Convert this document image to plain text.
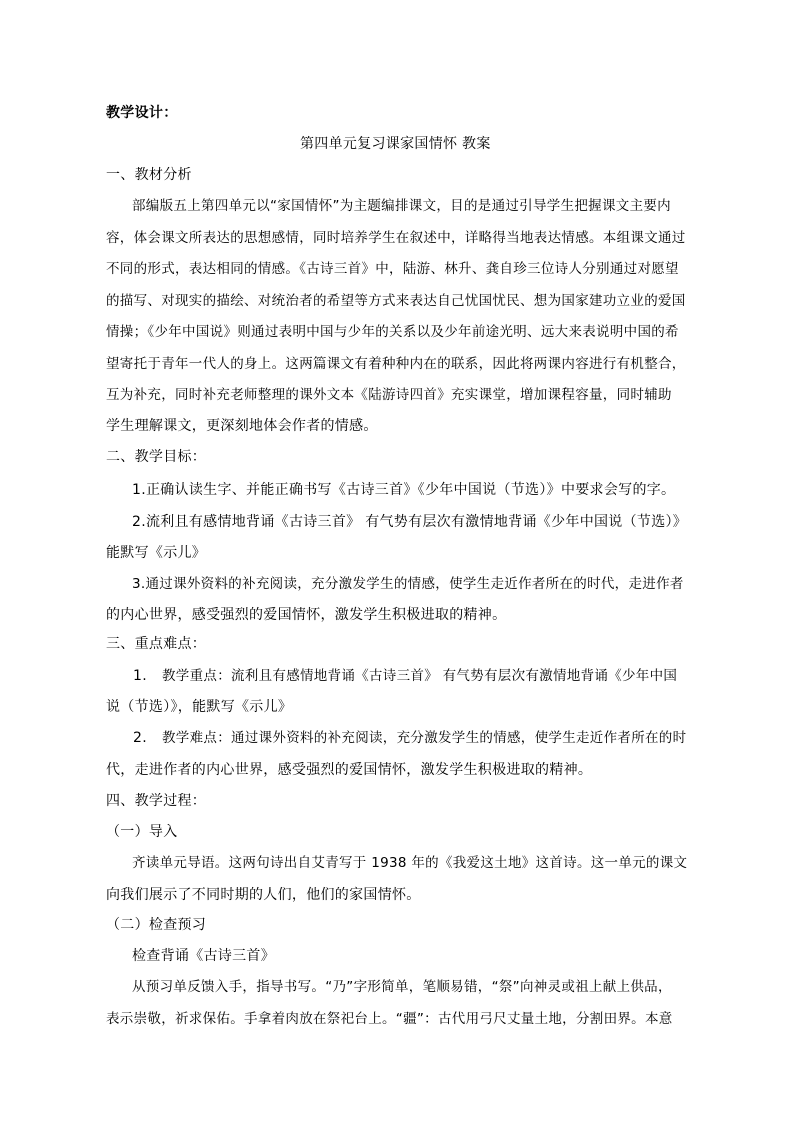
教学设计：
第四单元复习课家国情怀 教案
一、教材分析
部编版五上第四单元以“家国情怀”为主题编排课文，目的是通过引导学生把握课文主要内
容，体会课文所表达的思想感情，同时培养学生在叙述中，详略得当地表达情感。本组课文通过
不同的形式，表达相同的情感。《古诗三首》中，陆游、林升、龚自珍三位诗人分别通过对愿望
的描写、对现实的描绘、对统治者的希望等方式来表达自己忧国忧民、想为国家建功立业的爱国
情操；《少年中国说》则通过表明中国与少年的关系以及少年前途光明、远大来表说明中国的希
望寄托于青年一代人的身上。这两篇课文有着种种内在的联系，因此将两课内容进行有机整合，
互为补充，同时补充老师整理的课外文本《陆游诗四首》充实课堂，增加课程容量，同时辅助
学生理解课文，更深刻地体会作者的情感。
二、教学目标：
1.正确认读生字、并能正确书写《古诗三首》《少年中国说（节选）》中要求会写的字。
2.流利且有感情地背诵《古诗三首》 有气势有层次有激情地背诵《少年中国说（节选）》
能默写《示儿》
3.通过课外资料的补充阅读，充分激发学生的情感，使学生走近作者所在的时代，走进作者
的内心世界，感受强烈的爱国情怀，激发学生积极进取的精神。
三、重点难点：
1. 教学重点：流利且有感情地背诵《古诗三首》 有气势有层次有激情地背诵《少年中国
说（节选）》，能默写《示儿》
2. 教学难点：通过课外资料的补充阅读，充分激发学生的情感，使学生走近作者所在的时
代，走进作者的内心世界，感受强烈的爱国情怀，激发学生积极进取的精神。
四、教学过程：
（一）导入
齐读单元导语。这两句诗出自艾青写于 1938 年的《我爱这土地》这首诗。这一单元的课文
向我们展示了不同时期的人们，他们的家国情怀。
（二）检查预习
检查背诵《古诗三首》
从预习单反馈入手，指导书写。“乃”字形简单，笔顺易错，“祭”向神灵或祖上献上供品，
表示崇敬，祈求保佑。手拿着肉放在祭祀台上。“疆”：古代用弓尺丈量土地，分割田界。本意
